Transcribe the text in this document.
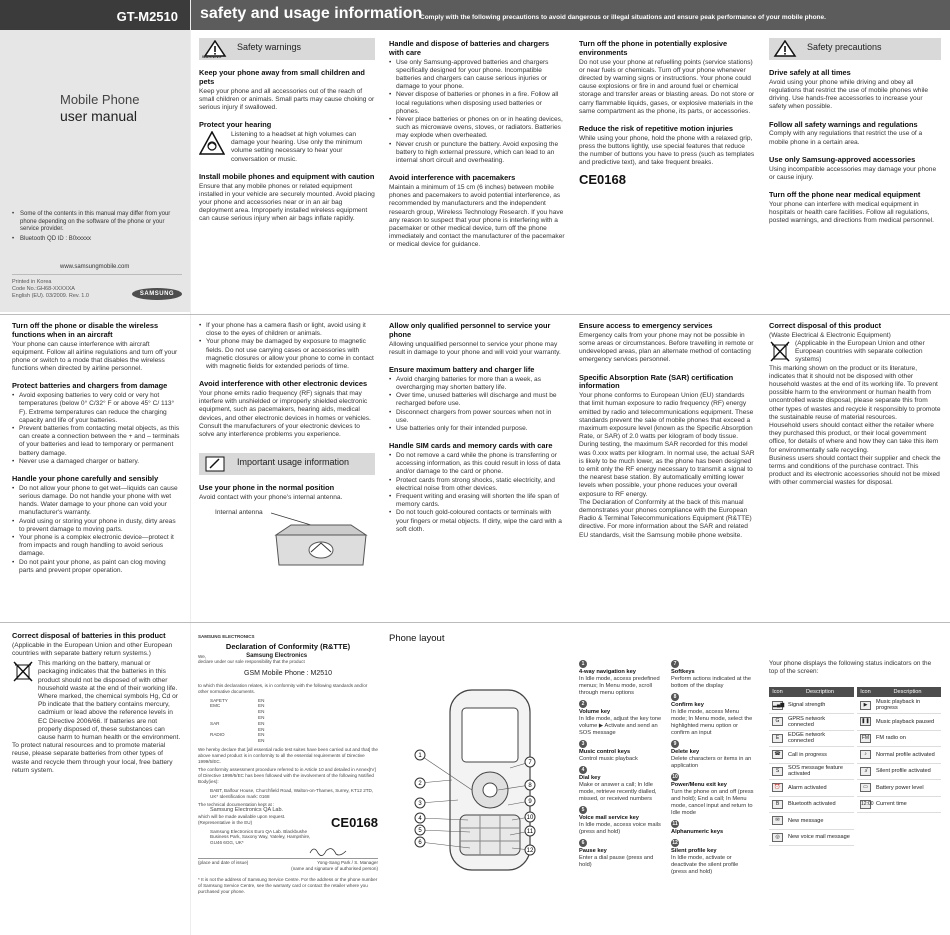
GT-M2510	safety and usage information
Comply with the following precautions to avoid dangerous or illegal situations and ensure peak performance of your mobile phone.
Mobile Phone
user manual
• Some of the contents in this manual may differ from your phone depending on the software of the phone or your service provider.
• Bluetooth QD ID : B0xxxxx
www.samsungmobile.com
Printed in Korea
Code No.:GH68-XXXXXA
English (EU). 03/2009. Rev. 1.0	SAMSUNG
WARNING
Safety warnings
Keep your phone away from small children and pets

Keep your phone and all accessories out of the reach of small children or animals. Small parts may cause choking or serious injury if swallowed.

Protect your hearing

Listening to a headset at high volumes can damage your hearing. Use only the minimum volume setting necessary to hear your conversation or music.

Install mobile phones and equipment with caution

Ensure that any mobile phones or related equipment installed in your vehicle are securely mounted. Avoid placing your phone and accessories near or in an air bag deployment area. Improperly installed wireless equipment can cause serious injury when air bags inflate rapidly.

Handle and dispose of batteries and chargers with care
• Use only Samsung-approved batteries and chargers specifically designed for your phone. Incompatible batteries and chargers can cause serious injuries or damage to your phone.
• Never dispose of batteries or phones in a fire. Follow all local regulations when disposing used batteries or phones.
• Never place batteries or phones on or in heating devices, such as microwave ovens, stoves, or radiators. Batteries may explode when overheated.
• Never crush or puncture the battery. Avoid exposing the battery to high external pressure, which can lead to an internal short circuit and overheating.
Avoid interference with pacemakers

Maintain a minimum of 15 cm (6 inches) between mobile phones and pacemakers to avoid potential interference, as recommended by manufacturers and the independent research group, Wireless Technology Research. If you have any reason to suspect that your phone is interfering with a pacemaker or other medical device, turn off the phone immediately and contact the manufacturer of the pacemaker or medical device for guidance.

Turn off the phone in potentially explosive environments

Do not use your phone at refuelling points (service stations) or near fuels or chemicals. Turn off your phone whenever directed by warning signs or instructions. Your phone could cause explosions or fire in and around fuel or chemical storage and transfer areas or blasting areas. Do not store or carry flammable liquids, gases, or explosive materials in the same compartment as the phone, its parts, or accessories.

Reduce the risk of repetitive motion injuries

While using your phone, hold the phone with a relaxed grip, press the buttons lightly, use special features that reduce the number of buttons you have to press (such as templates and predictive text), and take frequent breaks.

CE0168
Safety precautions
Drive safely at all times

Avoid using your phone while driving and obey all regulations that restrict the use of mobile phones while driving. Use hands-free accessories to increase your safety when possible.

Follow all safety warnings and regulations

Comply with any regulations that restrict the use of a mobile phone in a certain area.

Use only Samsung-approved accessories

Using incompatible accessories may damage your phone or cause injury.

Turn off the phone near medical equipment

Your phone can interfere with medical equipment in hospitals or health care facilities. Follow all regulations, posted warnings, and directions from medical personnel.

Turn off the phone or disable the wireless functions when in an aircraft

Your phone can cause interference with aircraft equipment. Follow all airline regulations and turn off your phone or switch to a mode that disables the wireless functions when directed by airline personnel.

Protect batteries and chargers from damage
• Avoid exposing batteries to very cold or very hot temperatures (below 0° C/32° F or above 45° C/ 113° F). Extreme temperatures can reduce the charging capacity and life of your batteries.
• Prevent batteries from contacting metal objects, as this can create a connection between the + and – terminals of your batteries and lead to temporary or permanent battery damage.
• Never use a damaged charger or battery.
Handle your phone carefully and sensibly
• Do not allow your phone to get wet—liquids can cause serious damage. Do not handle your phone with wet hands. Water damage to your phone can void your manufacturer's warranty.
• Avoid using or storing your phone in dusty, dirty areas to prevent damage to moving parts.
• Your phone is a complex electronic device—protect it from impacts and rough handling to avoid serious damage.
• Do not paint your phone, as paint can clog moving parts and prevent proper operation.
• If your phone has a camera flash or light, avoid using it close to the eyes of children or animals.
• Your phone may be damaged by exposure to magnetic fields. Do not use carrying cases or accessories with magnetic closures or allow your phone to come in contact with magnetic fields for extended periods of time.
Avoid interference with other electronic devices

Your phone emits radio frequency (RF) signals that may interfere with unshielded or improperly shielded electronic equipment, such as pacemakers, hearing aids, medical devices, and other electronic devices in homes or vehicles. Consult the manufacturers of your electronic devices to solve any interference problems you experience.

Important usage information
Use your phone in the normal position

Avoid contact with your phone's internal antenna.

Internal antenna
Allow only qualified personnel to service your phone

Allowing unqualified personnel to service your phone may result in damage to your phone and will void your warranty.

Ensure maximum battery and charger life
• Avoid charging batteries for more than a week, as overcharging may shorten battery life.
• Over time, unused batteries will discharge and must be recharged before use.
• Disconnect chargers from power sources when not in use.
• Use batteries only for their intended purpose.
Handle SIM cards and memory cards with care
• Do not remove a card while the phone is transferring or accessing information, as this could result in loss of data and/or damage to the card or phone.
• Protect cards from strong shocks, static electricity, and electrical noise from other devices.
• Frequent writing and erasing will shorten the life span of memory cards.
• Do not touch gold-coloured contacts or terminals with your fingers or metal objects. If dirty, wipe the card with a soft cloth.
Ensure access to emergency services

Emergency calls from your phone may not be possible in some areas or circumstances. Before travelling in remote or undeveloped areas, plan an alternate method of contacting emergency services personnel.

Specific Absorption Rate (SAR) certification information

Your phone conforms to European Union (EU) standards that limit human exposure to radio frequency (RF) energy emitted by radio and telecommunications equipment. These standards prevent the sale of mobile phones that exceed a maximum exposure level (known as the Specific Absorption Rate, or SAR) of 2.0 watts per kilogram of body tissue.

During testing, the maximum SAR recorded for this model was 0.xxx watts per kilogram. In normal use, the actual SAR is likely to be much lower, as the phone has been designed to emit only the RF energy necessary to transmit a signal to the nearest base station. By automatically emitting lower levels when possible, your phone reduces your overall exposure to RF energy.

The Declaration of Conformity at the back of this manual demonstrates your phones compliance with the European Radio & Terminal Telecommunications Equipment (R&TTE) directive. For more information about the SAR and related EU standards, visit the Samsung mobile phone website.

Correct disposal of this product

(Waste Electrical & Electronic Equipment)

(Applicable in the European Union and other European countries with separate collection systems)

This marking shown on the product or its literature, indicates that it should not be disposed with other household wastes at the end of its working life. To prevent possible harm to the environment or human health from uncontrolled waste disposal, please separate this from other types of wastes and recycle it responsibly to promote the sustainable reuse of material resources.

Household users should contact either the retailer where they purchased this product, or their local government office, for details of where and how they can take this item for environmentally safe recycling.

Business users should contact their supplier and check the terms and conditions of the purchase contract. This product and its electronic accessories should not be mixed with other commercial wastes for disposal.

Correct disposal of batteries in this product

(Applicable in the European Union and other European countries with separate battery return systems.)

This marking on the battery, manual or packaging indicates that the batteries in this product should not be disposed of with other household waste at the end of their working life. Where marked, the chemical symbols Hg, Cd or Pb indicate that the battery contains mercury, cadmium or lead above the reference levels in EC Directive 2006/66. If batteries are not properly disposed of, these substances can cause harm to human health or the environment.

To protect natural resources and to promote material reuse, please separate batteries from other types of waste and recycle them through your local, free battery return system.

SAMSUNG ELECTRONICS
Declaration of Conformity (R&TTE)
We,	Samsung Electronics
declare under our sole responsibility that the product
GSM Mobile Phone : M2510
to which this declaration relates, is in conformity with the following standards and/or other normative documents.
SAFETY	EN
EMC	EN
EN
EN
SAR	EN
EN
RADIO	EN
EN
We hereby declare that [all essential radio test suites have been carried out and that] the above named product is in conformity to all the essential requirements of Directive 1999/5/EC.
The conformity assessment procedure referred to in Article 10 and detailed in Annex[IV] of Directive 1999/5/EC has been followed with the involvement of the following Notified Body(ies):
BABT, Balfour House, Churchfield Road, Walton-on-Thames, Surrey, KT12 2TD, UK* Identification mark: 0168
The technical documentation kept at :
Samsung Electronics QA Lab.
which will be made available upon request.
(Representative in the EU)	CE0168
Samsung Electronics Euro QA Lab. Blackbushe Business Park, Saxony Way, Yateley, Hampshire, GU46 6GG, UK*
(place and date of issue)	Yong-Sang Park / S. Manager
(name and signature of authorised person)
* It is not the address of Samsung Service Centre. For the address or the phone number of Samsung Service Centre, see the warranty card or contact the retailer where you purchased your phone.
Phone layout
1
2
3
4
5
6
7
8
9
10
11
12
1
4-way navigation key
In Idle mode, access predefined menus; In Menu mode, scroll through menu options
2
Volume key
In Idle mode, adjust the key tone volume ▶ Activate and send an SOS message
3
Music control keys
Control music playback
4
Dial key
Make or answer a call; In Idle mode, retrieve recently dialled, missed, or received numbers
5
Voice mail service key
In Idle mode, access voice mails (press and hold)
6
Pause key
Enter a dial pause (press and hold)
7
Softkeys
Perform actions indicated at the bottom of the display
8
Confirm key
In Idle mode, access Menu mode; In Menu mode, select the highlighted menu option or confirm an input
9
Delete key
Delete characters or items in an application
10
Power/Menu exit key
Turn the phone on and off (press and hold); End a call; In Menu mode, cancel input and return to Idle mode
11
Alphanumeric keys
12
Silent profile key
In Idle mode, activate or deactivate the silent profile (press and hold)
Your phone displays the following status indicators on the top of the screen:
Icon	Description
▂▄▆	Signal strength
G	GPRS network connected
E	EDGE network connected
☎	Call in progress
S	SOS message feature activated
⏰	Alarm activated
B	Bluetooth activated
✉	New message
◎	New voice mail message
Icon	Description
▶	Music playback in progress
❚❚	Music playback paused
FM	FM radio on
♪	Normal profile activated
♪̸	Silent profile activated
▭	Battery power level
12:00	Current time
